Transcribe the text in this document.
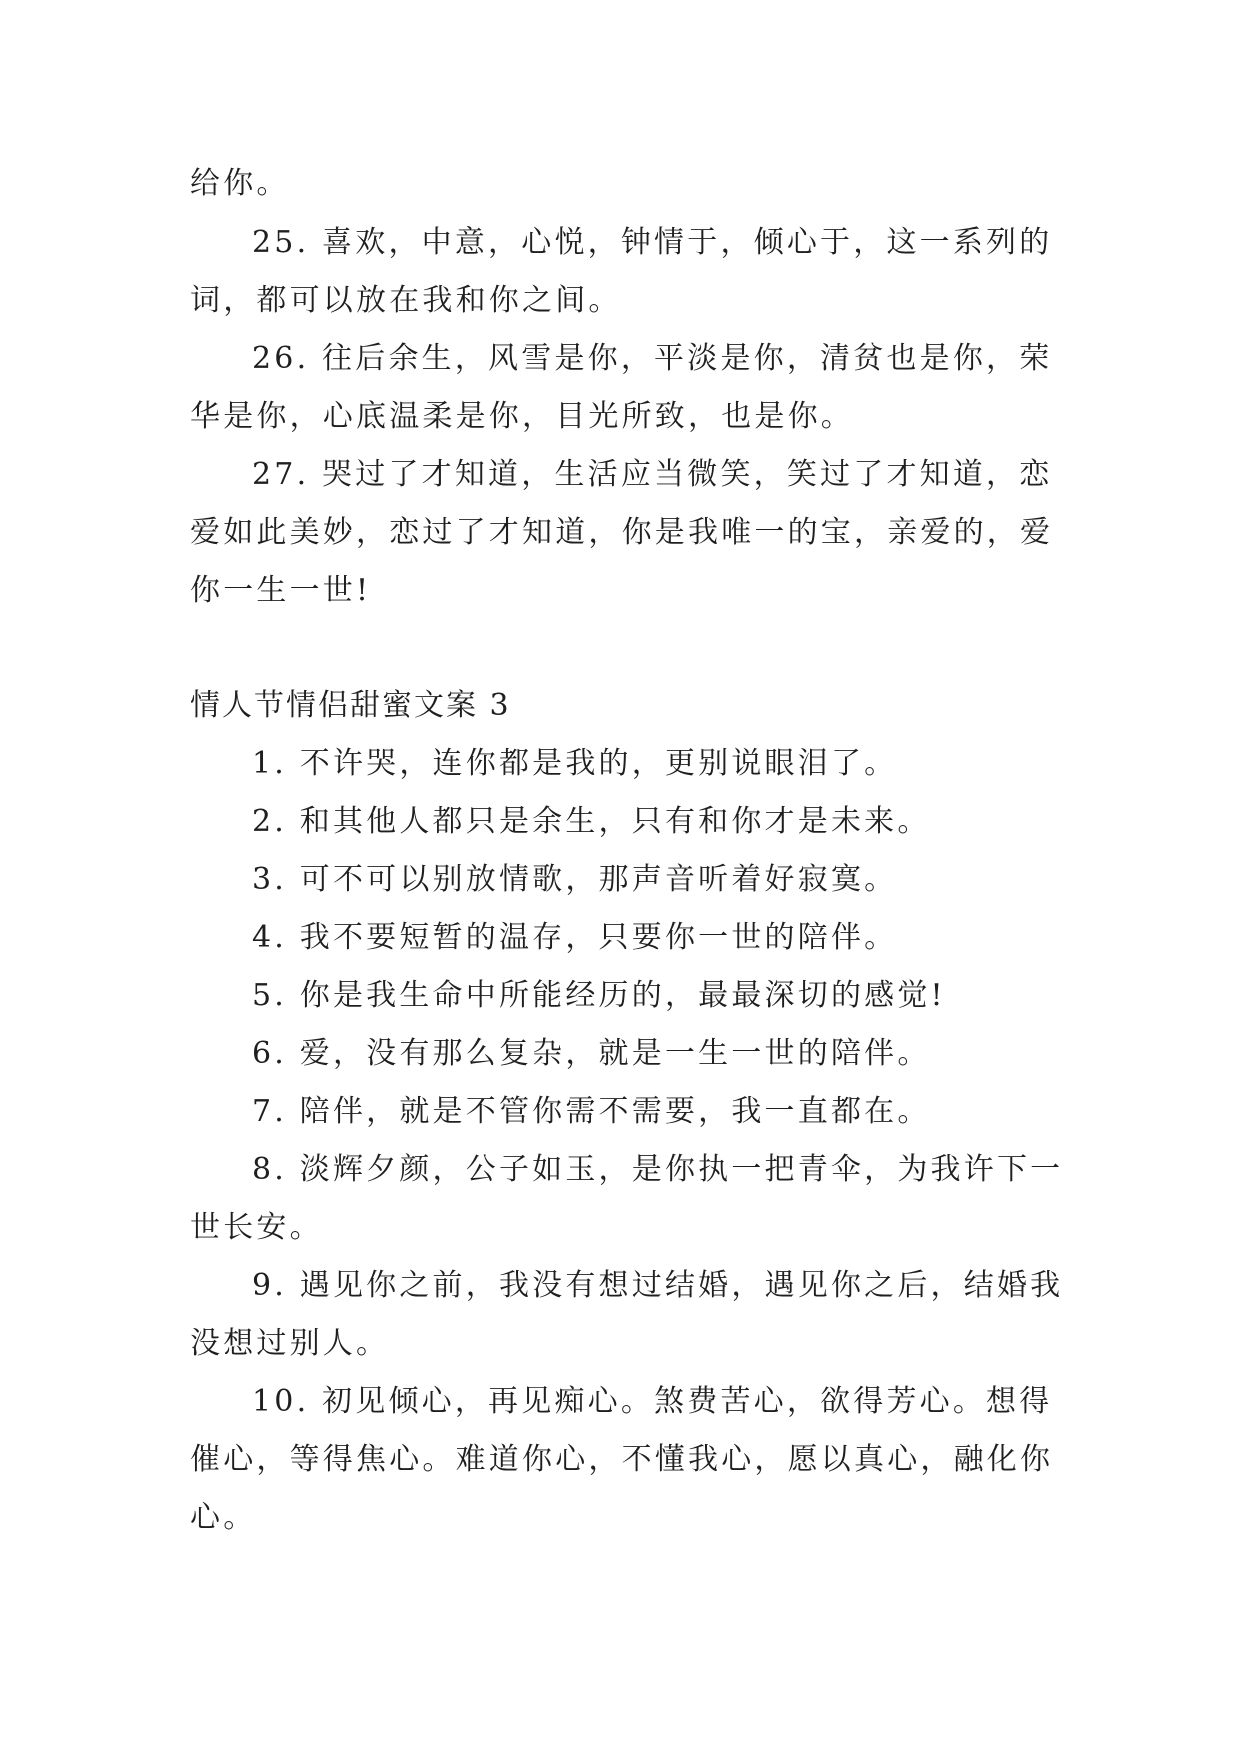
给你。
25. 喜欢，中意，心悦，钟情于，倾心于，这一系列的
词，都可以放在我和你之间。
26. 往后余生，风雪是你，平淡是你，清贫也是你，荣
华是你，心底温柔是你，目光所致，也是你。
27. 哭过了才知道，生活应当微笑，笑过了才知道，恋
爱如此美妙，恋过了才知道，你是我唯一的宝，亲爱的，爱
你一生一世!
情人节情侣甜蜜文案 3
1. 不许哭，连你都是我的，更别说眼泪了。
2. 和其他人都只是余生，只有和你才是未来。
3. 可不可以别放情歌，那声音听着好寂寞。
4. 我不要短暂的温存，只要你一世的陪伴。
5. 你是我生命中所能经历的，最最深切的感觉!
6. 爱，没有那么复杂，就是一生一世的陪伴。
7. 陪伴，就是不管你需不需要，我一直都在。
8. 淡辉夕颜，公子如玉，是你执一把青伞，为我许下一
世长安。
9. 遇见你之前，我没有想过结婚，遇见你之后，结婚我
没想过别人。
10. 初见倾心，再见痴心。煞费苦心，欲得芳心。想得
催心，等得焦心。难道你心，不懂我心，愿以真心，融化你
心。
